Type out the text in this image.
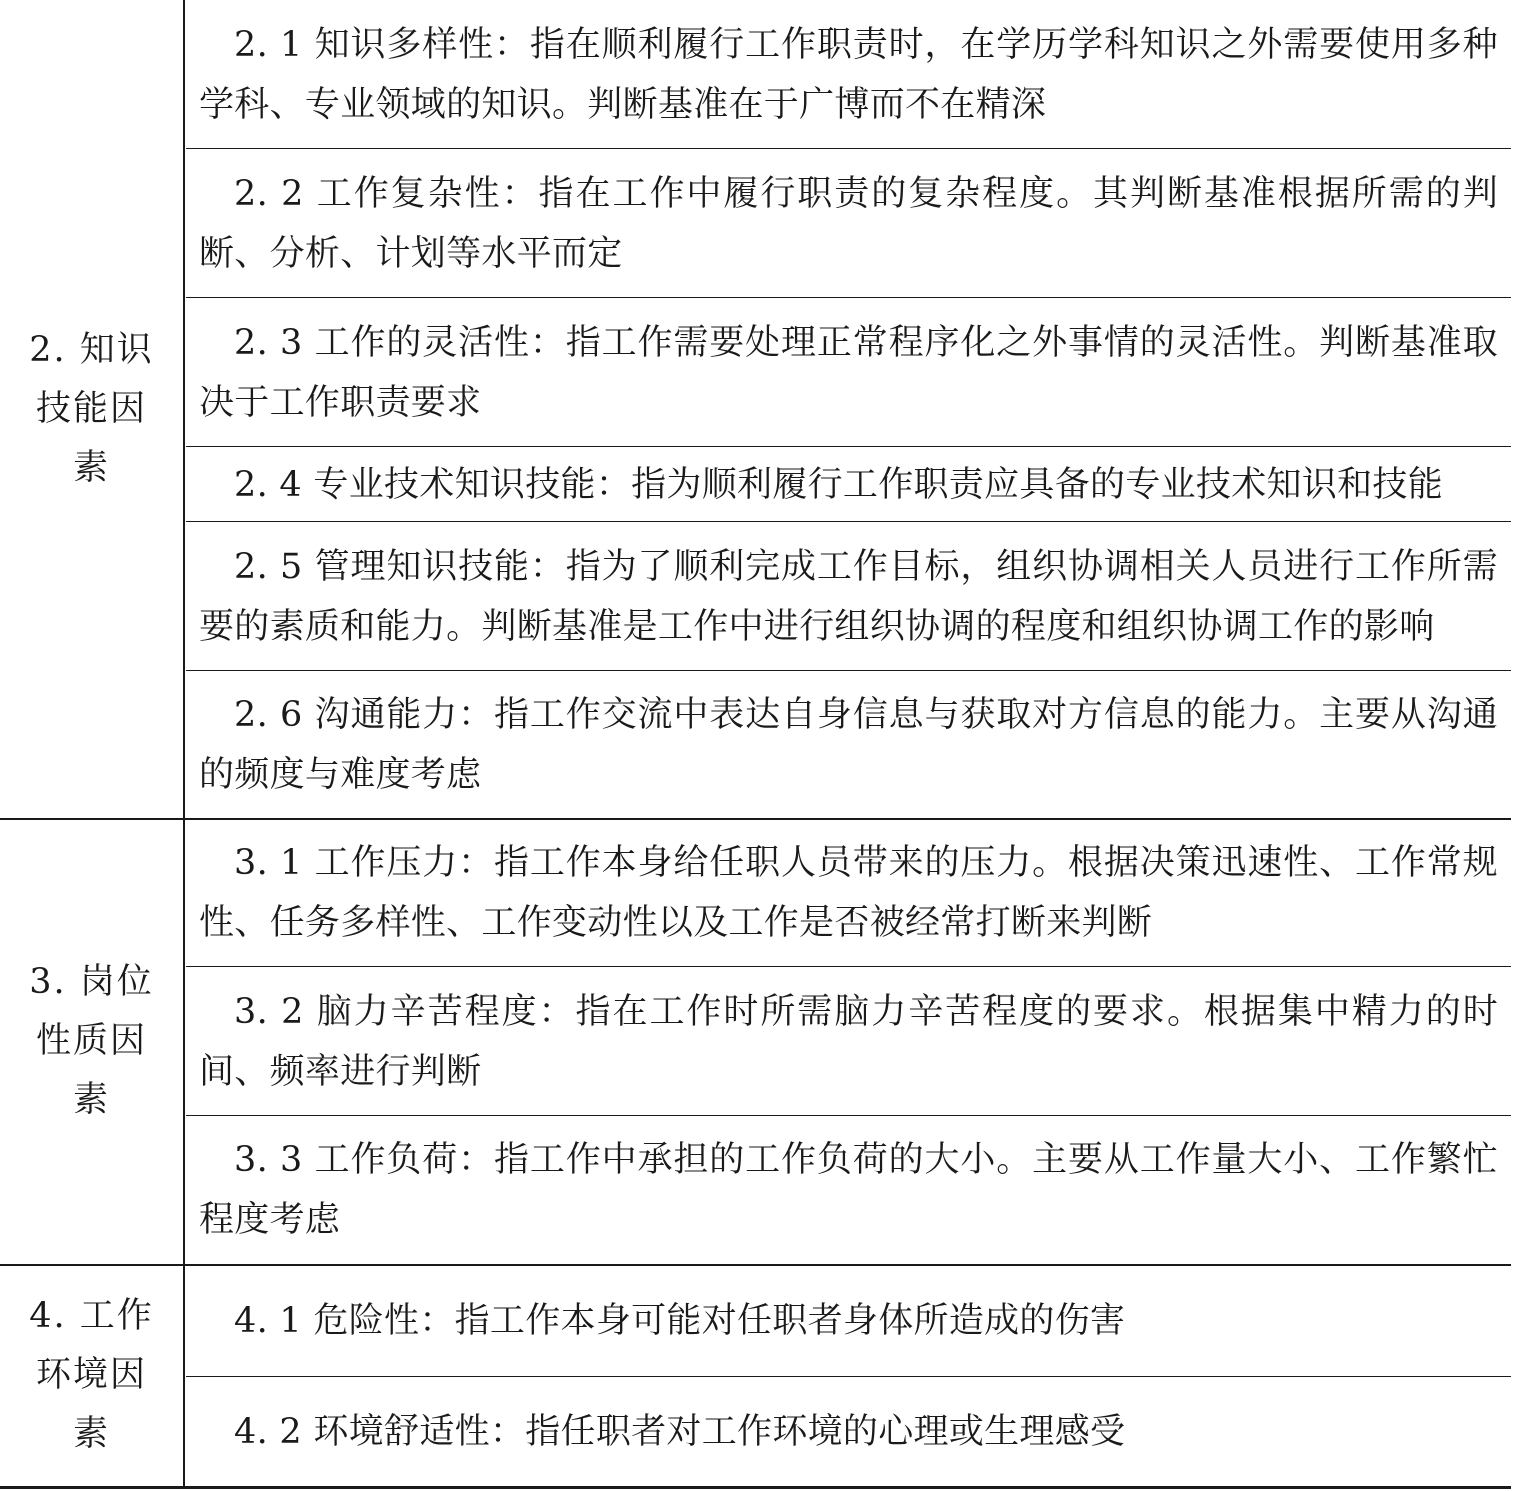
2. 知识技能因素
2. 1 知识多样性：指在顺利履行工作职责时，在学历学科知识之外需要使用多种学科、专业领域的知识。判断基准在于广博而不在精深
2. 2 工作复杂性：指在工作中履行职责的复杂程度。其判断基准根据所需的判断、分析、计划等水平而定
2. 3 工作的灵活性：指工作需要处理正常程序化之外事情的灵活性。判断基准取决于工作职责要求
2. 4 专业技术知识技能：指为顺利履行工作职责应具备的专业技术知识和技能
2. 5 管理知识技能：指为了顺利完成工作目标，组织协调相关人员进行工作所需要的素质和能力。判断基准是工作中进行组织协调的程度和组织协调工作的影响
2. 6 沟通能力：指工作交流中表达自身信息与获取对方信息的能力。主要从沟通的频度与难度考虑
3. 岗位性质因素
3. 1 工作压力：指工作本身给任职人员带来的压力。根据决策迅速性、工作常规性、任务多样性、工作变动性以及工作是否被经常打断来判断
3. 2 脑力辛苦程度：指在工作时所需脑力辛苦程度的要求。根据集中精力的时间、频率进行判断
3. 3 工作负荷：指工作中承担的工作负荷的大小。主要从工作量大小、工作繁忙程度考虑
4. 工作环境因素
4. 1 危险性：指工作本身可能对任职者身体所造成的伤害
4. 2 环境舒适性：指任职者对工作环境的心理或生理感受
